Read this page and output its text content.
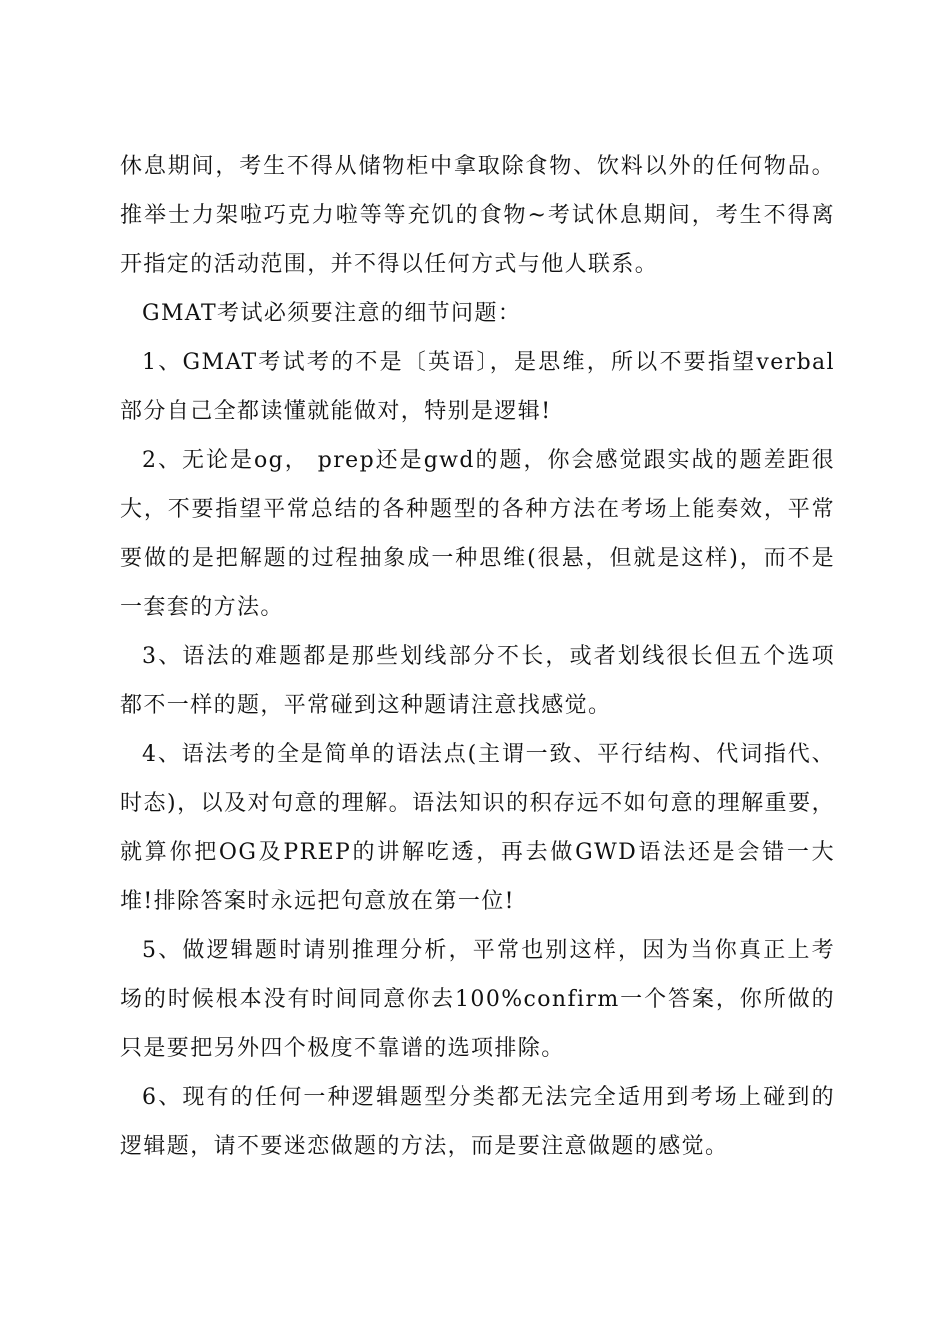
休息期间，考生不得从储物柜中拿取除食物、饮料以外的任何物品。推举士力架啦巧克力啦等等充饥的食物~考试休息期间，考生不得离开指定的活动范围，并不得以任何方式与他人联系。

GMAT考试必须要注意的细节问题：

1、GMAT考试考的不是〔英语〕，是思维，所以不要指望verbal部分自己全都读懂就能做对，特别是逻辑!

2、无论是og， prep还是gwd的题，你会感觉跟实战的题差距很大，不要指望平常总结的各种题型的各种方法在考场上能奏效，平常要做的是把解题的过程抽象成一种思维(很悬，但就是这样)，而不是一套套的方法。

3、语法的难题都是那些划线部分不长，或者划线很长但五个选项都不一样的题，平常碰到这种题请注意找感觉。

4、语法考的全是简单的语法点(主谓一致、平行结构、代词指代、时态)，以及对句意的理解。语法知识的积存远不如句意的理解重要，就算你把OG及PREP的讲解吃透，再去做GWD语法还是会错一大堆!排除答案时永远把句意放在第一位!

5、做逻辑题时请别推理分析，平常也别这样，因为当你真正上考场的时候根本没有时间同意你去100%confirm一个答案，你所做的只是要把另外四个极度不靠谱的选项排除。

6、现有的任何一种逻辑题型分类都无法完全适用到考场上碰到的逻辑题，请不要迷恋做题的方法，而是要注意做题的感觉。
